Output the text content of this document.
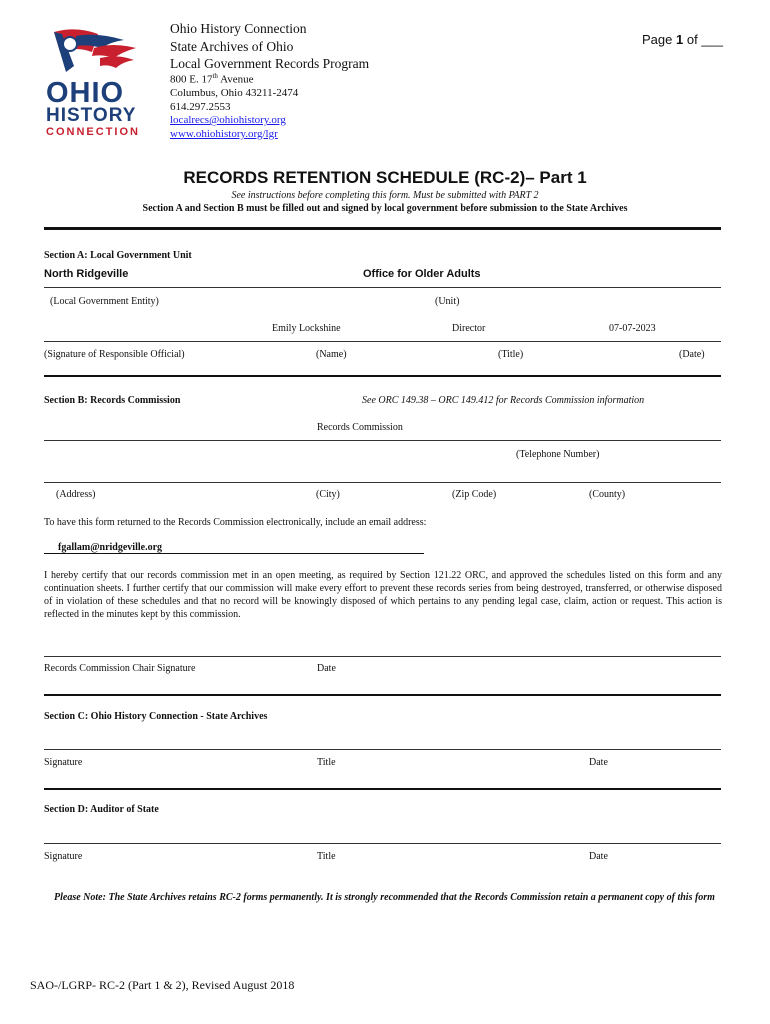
OHIO
HISTORY
CONNECTION
Ohio History Connection
State Archives of Ohio
Local Government Records Program
800 E. 17th Avenue
Columbus, Ohio 43211-2474
614.297.2553
localrecs@ohiohistory.org
www.ohiohistory.org/lgr
Page 1 of ___
RECORDS RETENTION SCHEDULE (RC-2)– Part 1
See instructions before completing this form. Must be submitted with PART 2
Section A and Section B must be filled out and signed by local government before submission to the State Archives
Section A: Local Government Unit
North Ridgeville	Office for Older Adults
(Local Government Entity)	(Unit)
Emily Lockshine	Director	07-07-2023
(Signature of Responsible Official)	(Name)	(Title)	(Date)
Section B: Records Commission	See ORC 149.38 – ORC 149.412 for Records Commission information
Records Commission
(Telephone Number)
(Address)	(City)	(Zip Code)	(County)
To have this form returned to the Records Commission electronically, include an email address:
fgallam@nridgeville.org
I hereby certify that our records commission met in an open meeting, as required by Section 121.22 ORC, and approved the schedules listed on this form and any continuation sheets. I further certify that our commission will make every effort to prevent these records series from being destroyed, transferred, or otherwise disposed of in violation of these schedules and that no record will be knowingly disposed of which pertains to any pending legal case, claim, action or request. This action is reflected in the minutes kept by this commission.
Records Commission Chair Signature	Date
Section C: Ohio History Connection - State Archives
Signature	Title	Date
Section D: Auditor of State
Signature	Title	Date
Please Note: The State Archives retains RC-2 forms permanently. It is strongly recommended that the Records Commission retain a permanent copy of this form
SAO-/LGRP- RC-2 (Part 1 & 2), Revised August 2018
